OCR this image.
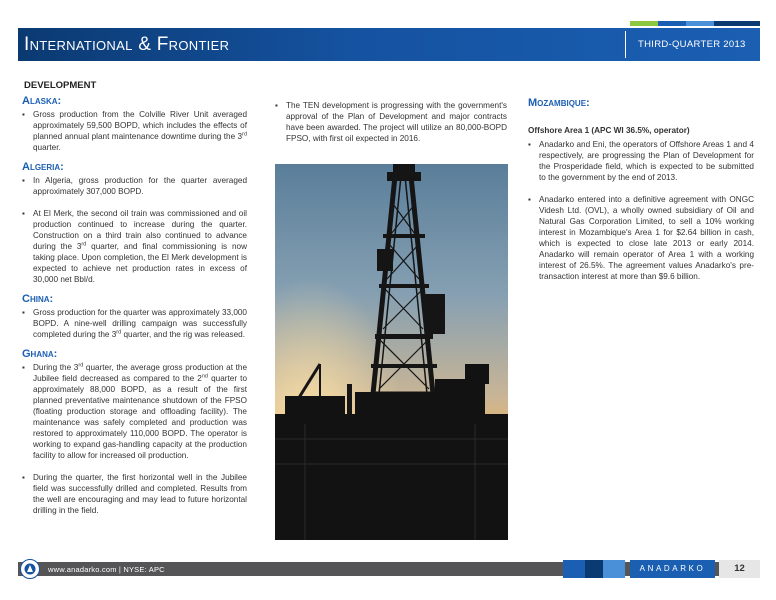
International & Frontier	THIRD-QUARTER 2013
DEVELOPMENT
Alaska:

▪ Gross production from the Colville River Unit averaged approximately 59,500 BOPD, which includes the effects of planned annual plant maintenance downtime during the 3rd quarter.

Algeria:

▪ In Algeria, gross production for the quarter averaged approximately 307,000 BOPD.

▪ At El Merk, the second oil train was commissioned and oil production continued to increase during the quarter. Construction on a third train also continued to advance during the 3rd quarter, and final commissioning is now taking place. Upon completion, the El Merk development is expected to achieve net production rates in excess of 30,000 net Bbl/d.

China:

▪ Gross production for the quarter was approximately 33,000 BOPD. A nine-well drilling campaign was successfully completed during the 3rd quarter, and the rig was released.

Ghana:

▪ During the 3rd quarter, the average gross production at the Jubilee field decreased as compared to the 2nd quarter to approximately 88,000 BOPD, as a result of the first planned preventative maintenance shutdown of the FPSO (floating production storage and offloading facility). The maintenance was safely completed and production was restored to approximately 110,000 BOPD. The operator is working to expand gas-handling capacity at the production facility to allow for increased oil production.

▪ During the quarter, the first horizontal well in the Jubilee field was successfully drilled and completed. Results from the well are encouraging and may lead to future horizontal drilling in the field.

▪ The TEN development is progressing with the government's approval of the Plan of Development and major contracts have been awarded. The project will utilize an 80,000-BOPD FPSO, with first oil expected in 2016.

Mozambique:
Offshore Area 1 (APC WI 36.5%, operator)

▪ Anadarko and Eni, the operators of Offshore Areas 1 and 4 respectively, are progressing the Plan of Development for the Prosperidade field, which is expected to be submitted to the government by the end of 2013.

▪ Anadarko entered into a definitive agreement with ONGC Videsh Ltd. (OVL), a wholly owned subsidiary of Oil and Natural Gas Corporation Limited, to sell a 10% working interest in Mozambique's Area 1 for $2.64 billion in cash, which is expected to close late 2013 or early 2014. Anadarko will remain operator of Area 1 with a working interest of 26.5%. The agreement values Anadarko's pre-transaction interest at more than $9.6 billion.

www.anadarko.com | NYSE: APC	ANADARKO	12
